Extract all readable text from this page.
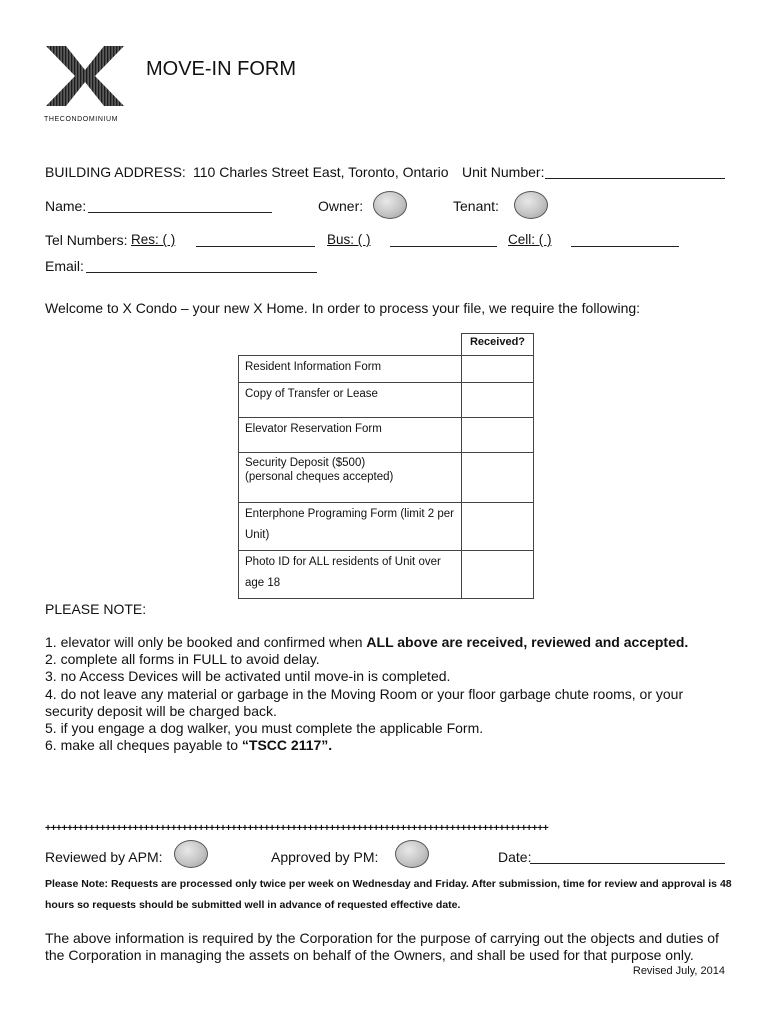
THECONDOMINIUM
MOVE-IN FORM
BUILDING ADDRESS: 110 Charles Street East, Toronto, Ontario Unit Number:
Name:	Owner:	Tenant:
Tel Numbers: Res: ( )	Bus: ( )	Cell: ( )
Email:
Welcome to X Condo – your new X Home. In order to process your file, we require the following:
	Received?
Resident Information Form	
Copy of Transfer or Lease	
Elevator Reservation Form	

Security Deposit ($500)
(personal cheques accepted)	

Enterphone Programing Form (limit 2 per
Unit)	

Photo ID for ALL residents of Unit over
age 18	

PLEASE NOTE:
1. elevator will only be booked and confirmed when ALL above are received, reviewed and accepted.
2. complete all forms in FULL to avoid delay.
3. no Access Devices will be activated until move-in is completed.
4. do not leave any material or garbage in the Moving Room or your floor garbage chute rooms, or your security deposit will be charged back.
5. if you engage a dog walker, you must complete the applicable Form.
6. make all cheques payable to “TSCC 2117”.
++++++++++++++++++++++++++++++++++++++++++++++++++++++++++++++++++++++++++++++++++++++++++++
Reviewed by APM:	Approved by PM:	Date:
Please Note: Requests are processed only twice per week on Wednesday and Friday. After submission, time for review and approval is 48
hours so requests should be submitted well in advance of requested effective date.
The above information is required by the Corporation for the purpose of carrying out the objects and duties of the Corporation in managing the assets on behalf of the Owners, and shall be used for that purpose only.
Revised July, 2014
